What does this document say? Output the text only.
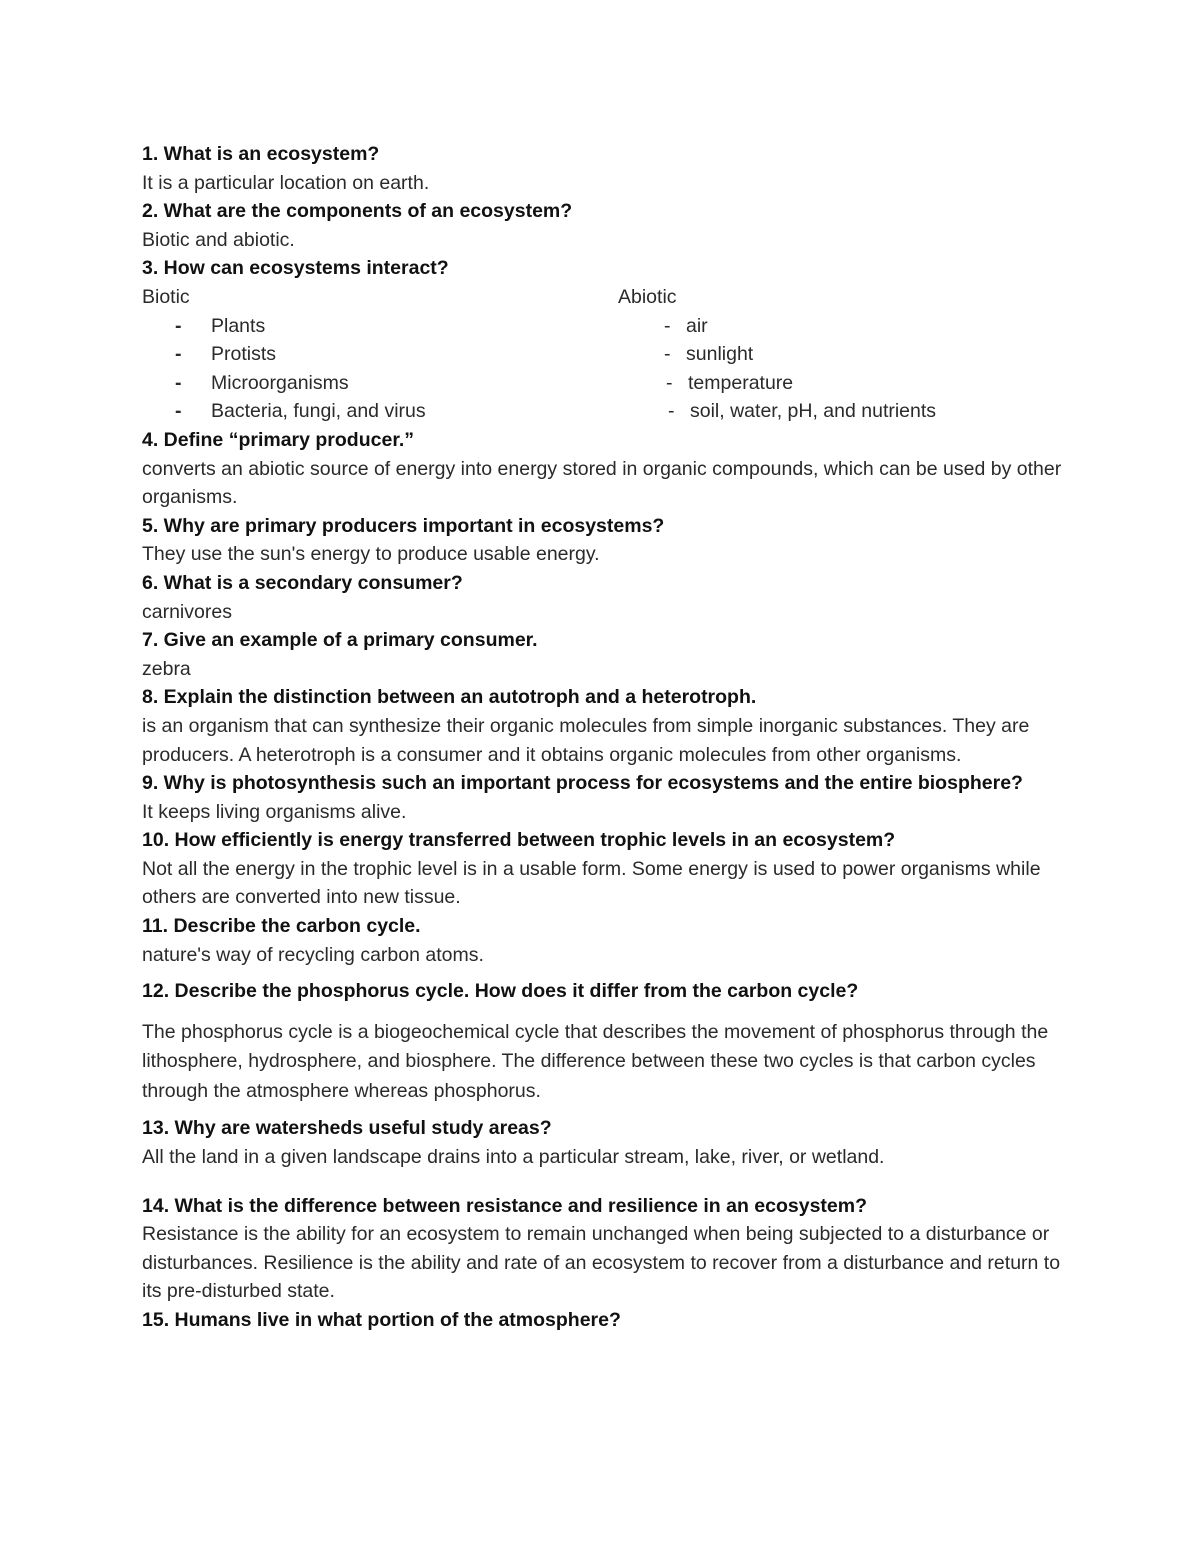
1. What is an ecosystem?

It is a particular location on earth.

2. What are the components of an ecosystem?

Biotic and abiotic.

3. How can ecosystems interact?

Biotic	Abiotic
- Plants
- Protists
- Microorganisms
- Bacteria, fungi, and virus
- air
- sunlight
- temperature
- soil, water, pH, and nutrients

4. Define “primary producer.”

converts an abiotic source of energy into energy stored in organic compounds, which can be used by other organisms.

5. Why are primary producers important in ecosystems?

They use the sun's energy to produce usable energy.

6. What is a secondary consumer?

carnivores

7. Give an example of a primary consumer.

zebra

8. Explain the distinction between an autotroph and a heterotroph.

is an organism that can synthesize their organic molecules from simple inorganic substances. They are producers. A heterotroph is a consumer and it obtains organic molecules from other organisms.

9. Why is photosynthesis such an important process for ecosystems and the entire biosphere?

It keeps living organisms alive.

10. How efficiently is energy transferred between trophic levels in an ecosystem?

Not all the energy in the trophic level is in a usable form. Some energy is used to power organisms while others are converted into new tissue.

11. Describe the carbon cycle.

nature's way of recycling carbon atoms.

12. Describe the phosphorus cycle. How does it differ from the carbon cycle?

The phosphorus cycle is a biogeochemical cycle that describes the movement of phosphorus through the lithosphere, hydrosphere, and biosphere. The difference between these two cycles is that carbon cycles through the atmosphere whereas phosphorus.

13. Why are watersheds useful study areas?

All the land in a given landscape drains into a particular stream, lake, river, or wetland.

14. What is the difference between resistance and resilience in an ecosystem?

Resistance is the ability for an ecosystem to remain unchanged when being subjected to a disturbance or disturbances. Resilience is the ability and rate of an ecosystem to recover from a disturbance and return to its pre-disturbed state.

15. Humans live in what portion of the atmosphere?
